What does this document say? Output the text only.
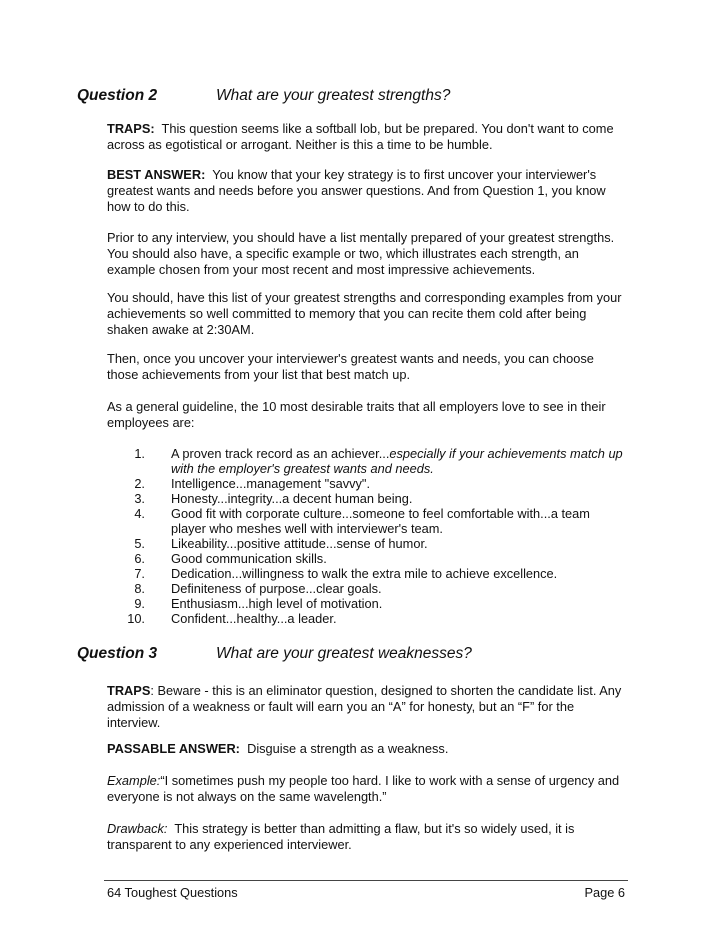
Question 2	What are your greatest strengths?

TRAPS: This question seems like a softball lob, but be prepared. You don't want to come across as egotistical or arrogant. Neither is this a time to be humble.

BEST ANSWER: You know that your key strategy is to first uncover your interviewer's greatest wants and needs before you answer questions. And from Question 1, you know how to do this.

Prior to any interview, you should have a list mentally prepared of your greatest strengths. You should also have, a specific example or two, which illustrates each strength, an example chosen from your most recent and most impressive achievements.

You should, have this list of your greatest strengths and corresponding examples from your achievements so well committed to memory that you can recite them cold after being shaken awake at 2:30AM.

Then, once you uncover your interviewer's greatest wants and needs, you can choose those achievements from your list that best match up.

As a general guideline, the 10 most desirable traits that all employers love to see in their employees are:

1. A proven track record as an achiever...especially if your achievements match up with the employer's greatest wants and needs.
2. Intelligence...management "savvy".
3. Honesty...integrity...a decent human being.
4. Good fit with corporate culture...someone to feel comfortable with...a team player who meshes well with interviewer's team.
5. Likeability...positive attitude...sense of humor.
6. Good communication skills.
7. Dedication...willingness to walk the extra mile to achieve excellence.
8. Definiteness of purpose...clear goals.
9. Enthusiasm...high level of motivation.
10. Confident...healthy...a leader.
Question 3	What are your greatest weaknesses?

TRAPS: Beware - this is an eliminator question, designed to shorten the candidate list. Any admission of a weakness or fault will earn you an “A” for honesty, but an “F” for the interview.

PASSABLE ANSWER: Disguise a strength as a weakness.

Example:“I sometimes push my people too hard. I like to work with a sense of urgency and everyone is not always on the same wavelength.”

Drawback: This strategy is better than admitting a flaw, but it's so widely used, it is transparent to any experienced interviewer.

64 Toughest Questions	Page 6
